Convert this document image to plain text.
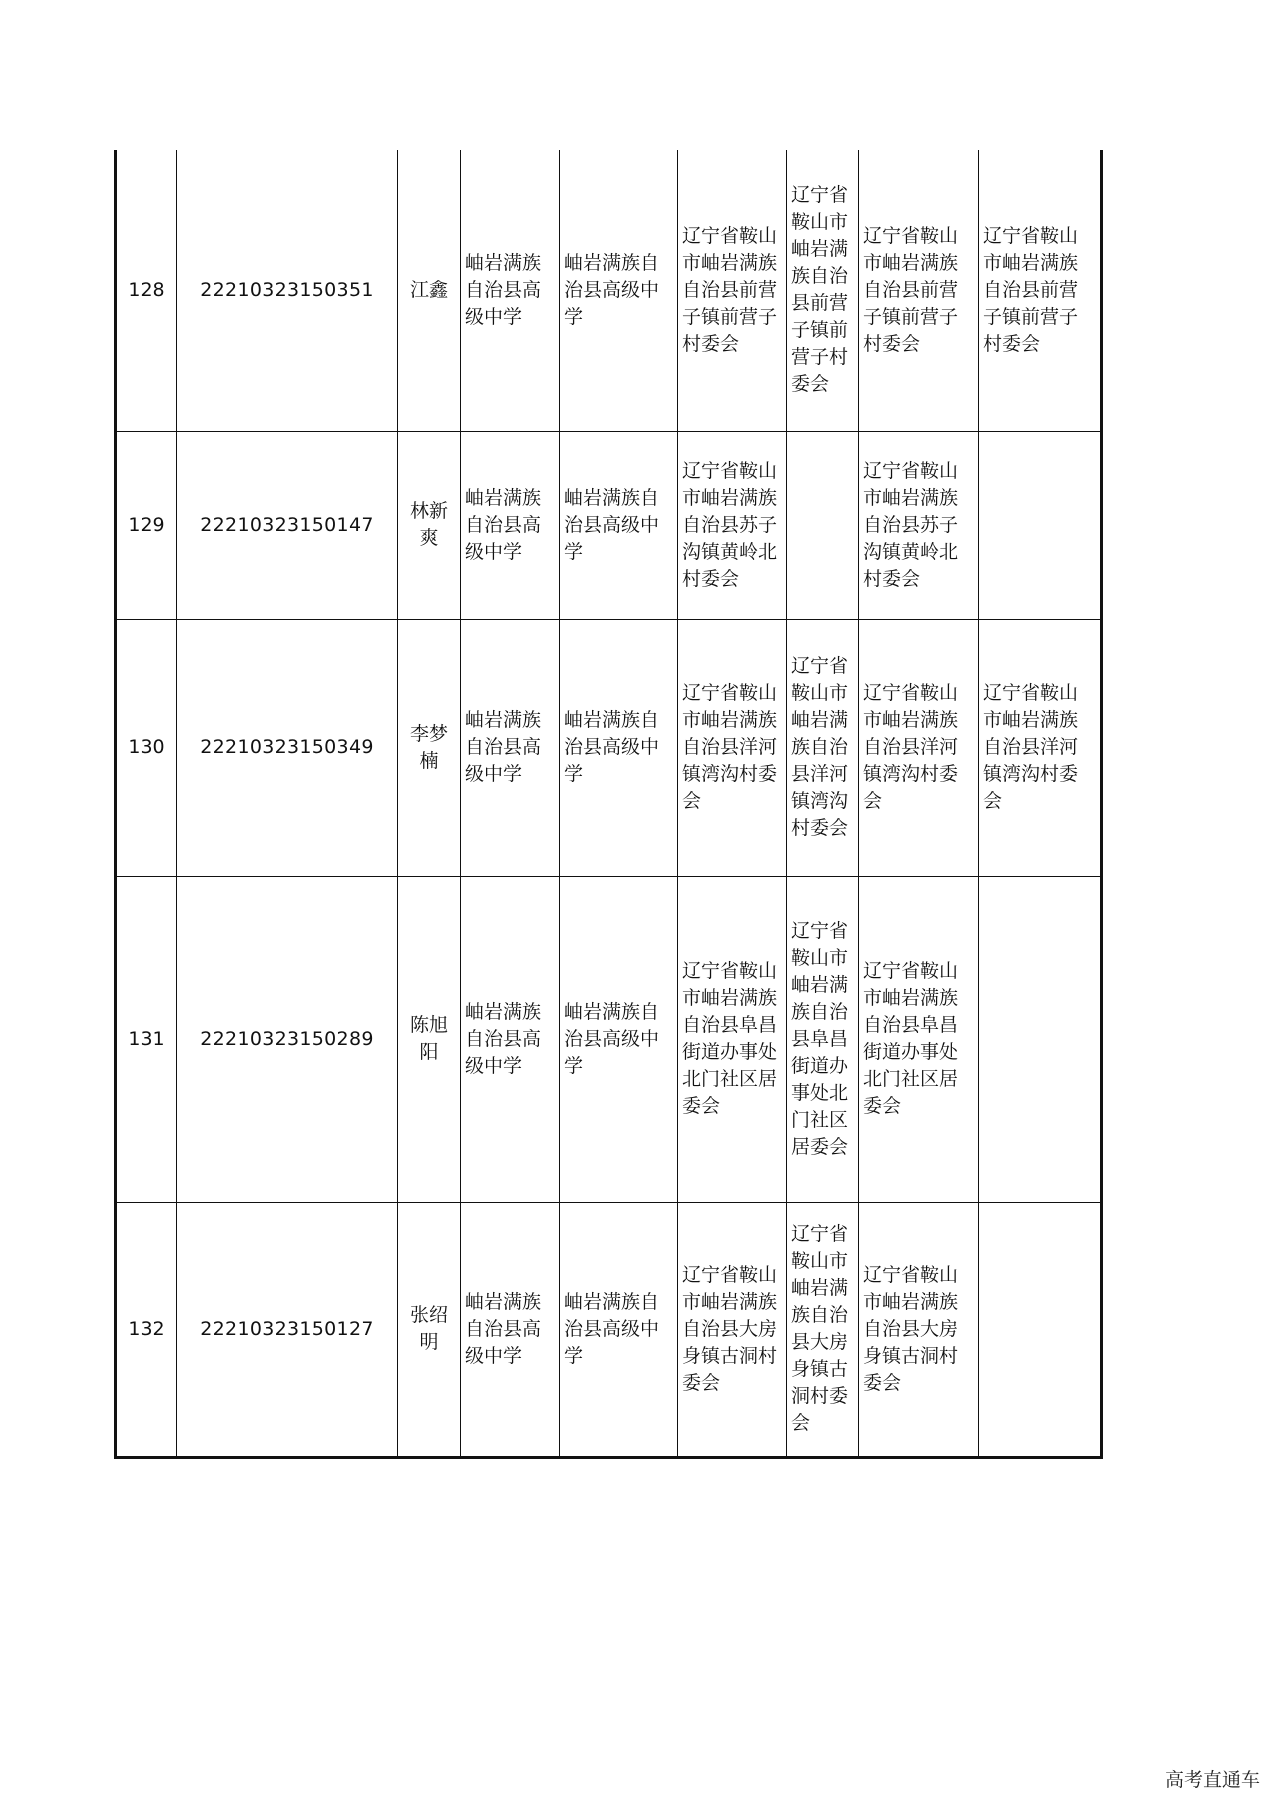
128	22210323150351	江鑫	岫岩满族自治县高级中学	岫岩满族自治县高级中学	辽宁省鞍山市岫岩满族自治县前营子镇前营子村委会	辽宁省鞍山市岫岩满族自治县前营子镇前营子村委会	辽宁省鞍山市岫岩满族自治县前营子镇前营子村委会	辽宁省鞍山市岫岩满族自治县前营子镇前营子村委会
129	22210323150147	林新爽	岫岩满族自治县高级中学	岫岩满族自治县高级中学	辽宁省鞍山市岫岩满族自治县苏子沟镇黄岭北村委会		辽宁省鞍山市岫岩满族自治县苏子沟镇黄岭北村委会	
130	22210323150349	李梦楠	岫岩满族自治县高级中学	岫岩满族自治县高级中学	辽宁省鞍山市岫岩满族自治县洋河镇湾沟村委会	辽宁省鞍山市岫岩满族自治县洋河镇湾沟村委会	辽宁省鞍山市岫岩满族自治县洋河镇湾沟村委会	辽宁省鞍山市岫岩满族自治县洋河镇湾沟村委会
131	22210323150289	陈旭阳	岫岩满族自治县高级中学	岫岩满族自治县高级中学	辽宁省鞍山市岫岩满族自治县阜昌街道办事处北门社区居委会	辽宁省鞍山市岫岩满族自治县阜昌街道办事处北门社区居委会	辽宁省鞍山市岫岩满族自治县阜昌街道办事处北门社区居委会	
132	22210323150127	张绍明	岫岩满族自治县高级中学	岫岩满族自治县高级中学	辽宁省鞍山市岫岩满族自治县大房身镇古洞村委会	辽宁省鞍山市岫岩满族自治县大房身镇古洞村委会	辽宁省鞍山市岫岩满族自治县大房身镇古洞村委会	
高考直通车
